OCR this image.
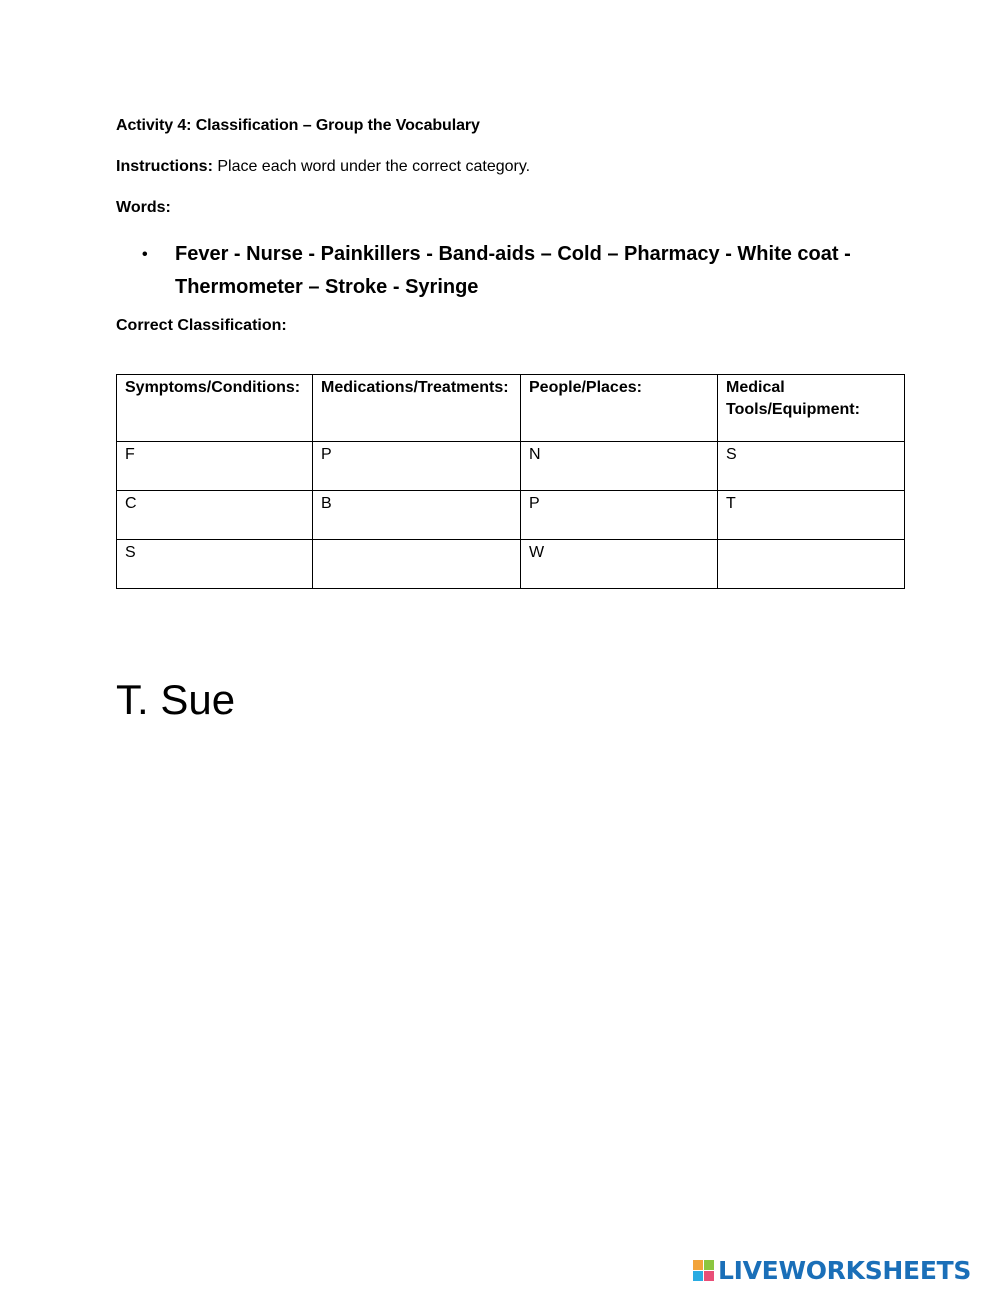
Activity 4: Classification – Group the Vocabulary
Instructions: Place each word under the correct category.
Words:
• Fever - Nurse - Painkillers - Band-aids – Cold – Pharmacy - White coat - Thermometer – Stroke - Syringe
Correct Classification:
Symptoms/Conditions:	Medications/Treatments:	People/Places:	Medical Tools/Equipment:
F	P	N	S
C	B	P	T
S		W	
T. Sue
LIVEWORKSHEETS
